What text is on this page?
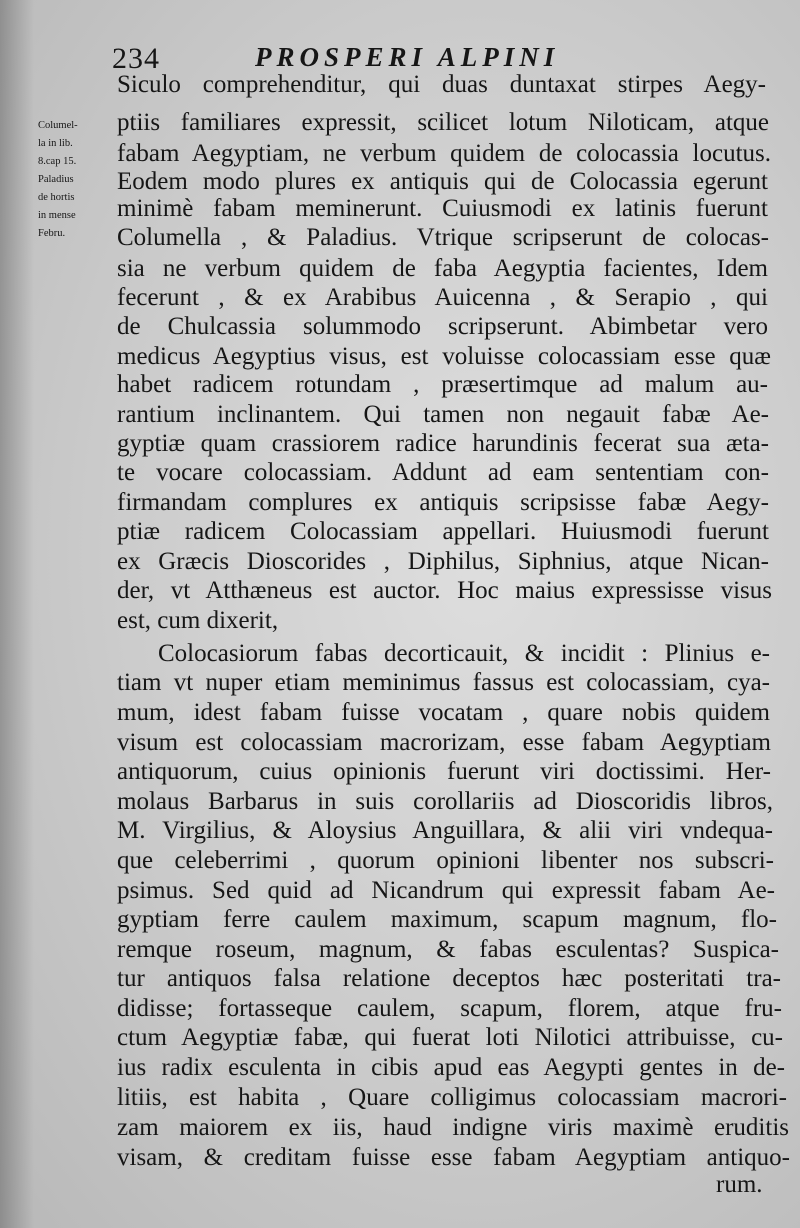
234	PROSPERI ALPINI
Columel-
la in lib.
8.cap 15.
Paladius
de hortis
in mense
Febru.
Siculo comprehenditur, qui duas duntaxat stirpes Aegy-
ptiis familiares expressit, scilicet lotum Niloticam, atque
fabam Aegyptiam, ne verbum quidem de colocassia locutus.
Eodem modo plures ex antiquis qui de Colocassia egerunt
minimè fabam meminerunt. Cuiusmodi ex latinis fuerunt
Columella , & Paladius. Vtrique scripserunt de colocas-
sia ne verbum quidem de faba Aegyptia facientes, Idem
fecerunt , & ex Arabibus Auicenna , & Serapio , qui
de Chulcassia solummodo scripserunt. Abimbetar vero
medicus Aegyptius visus, est voluisse colocassiam esse quæ
habet radicem rotundam , præsertimque ad malum au-
rantium inclinantem. Qui tamen non negauit fabæ Ae-
gyptiæ quam crassiorem radice harundinis fecerat sua æta-
te vocare colocassiam. Addunt ad eam sententiam con-
firmandam complures ex antiquis scripsisse fabæ Aegy-
ptiæ radicem Colocassiam appellari. Huiusmodi fuerunt
ex Græcis Dioscorides , Diphilus, Siphnius, atque Nican-
der, vt Atthæneus est auctor. Hoc maius expressisse visus
est, cum dixerit,
Colocasiorum fabas decorticauit, & incidit : Plinius e-
tiam vt nuper etiam meminimus fassus est colocassiam, cya-
mum, idest fabam fuisse vocatam , quare nobis quidem
visum est colocassiam macrorizam, esse fabam Aegyptiam
antiquorum, cuius opinionis fuerunt viri doctissimi. Her-
molaus Barbarus in suis corollariis ad Dioscoridis libros,
M. Virgilius, & Aloysius Anguillara, & alii viri vndequa-
que celeberrimi , quorum opinioni libenter nos subscri-
psimus. Sed quid ad Nicandrum qui expressit fabam Ae-
gyptiam ferre caulem maximum, scapum magnum, flo-
remque roseum, magnum, & fabas esculentas? Suspica-
tur antiquos falsa relatione deceptos hæc posteritati tra-
didisse; fortasseque caulem, scapum, florem, atque fru-
ctum Aegyptiæ fabæ, qui fuerat loti Nilotici attribuisse, cu-
ius radix esculenta in cibis apud eas Aegypti gentes in de-
litiis, est habita , Quare colligimus colocassiam macrori-
zam maiorem ex iis, haud indigne viris maximè eruditis
visam, & creditam fuisse esse fabam Aegyptiam antiquo-
rum.
